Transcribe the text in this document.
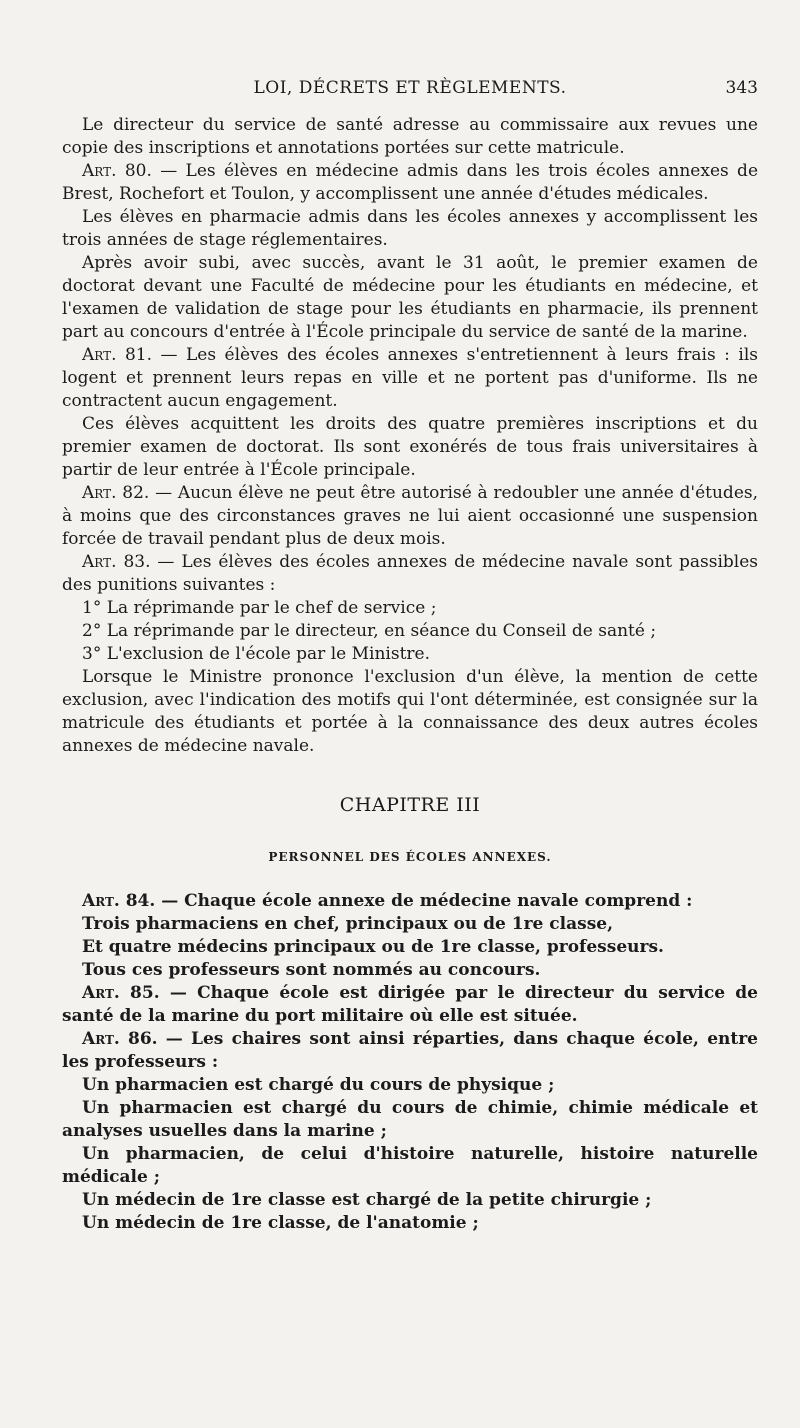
LOI, DÉCRETS ET RÈGLEMENTS.	343

Le directeur du service de santé adresse au commissaire aux revues une copie des inscriptions et annotations portées sur cette matricule.

Art. 80. — Les élèves en médecine admis dans les trois écoles annexes de Brest, Rochefort et Toulon, y accomplissent une année d'études médicales.

Les élèves en pharmacie admis dans les écoles annexes y accomplissent les trois années de stage réglementaires.

Après avoir subi, avec succès, avant le 31 août, le premier examen de doctorat devant une Faculté de médecine pour les étudiants en médecine, et l'examen de validation de stage pour les étudiants en pharmacie, ils prennent part au concours d'entrée à l'École principale du service de santé de la marine.

Art. 81. — Les élèves des écoles annexes s'entretiennent à leurs frais : ils logent et prennent leurs repas en ville et ne portent pas d'uniforme. Ils ne contractent aucun engagement.

Ces élèves acquittent les droits des quatre premières inscriptions et du premier examen de doctorat. Ils sont exonérés de tous frais universitaires à partir de leur entrée à l'École principale.

Art. 82. — Aucun élève ne peut être autorisé à redoubler une année d'études, à moins que des circonstances graves ne lui aient occasionné une suspension forcée de travail pendant plus de deux mois.

Art. 83. — Les élèves des écoles annexes de médecine navale sont passibles des punitions suivantes :

1° La réprimande par le chef de service ;

2° La réprimande par le directeur, en séance du Conseil de santé ;

3° L'exclusion de l'école par le Ministre.

Lorsque le Ministre prononce l'exclusion d'un élève, la mention de cette exclusion, avec l'indication des motifs qui l'ont déterminée, est consignée sur la matricule des étudiants et portée à la connaissance des deux autres écoles annexes de médecine navale.

CHAPITRE III
PERSONNEL DES ÉCOLES ANNEXES.

Art. 84. — Chaque école annexe de médecine navale comprend :

Trois pharmaciens en chef, principaux ou de 1re classe,

Et quatre médecins principaux ou de 1re classe, professeurs.

Tous ces professeurs sont nommés au concours.

Art. 85. — Chaque école est dirigée par le directeur du service de santé de la marine du port militaire où elle est située.

Art. 86. — Les chaires sont ainsi réparties, dans chaque école, entre les professeurs :

Un pharmacien est chargé du cours de physique ;

Un pharmacien est chargé du cours de chimie, chimie médicale et analyses usuelles dans la marine ;

Un pharmacien, de celui d'histoire naturelle, histoire naturelle médicale ;

Un médecin de 1re classe est chargé de la petite chirurgie ;

Un médecin de 1re classe, de l'anatomie ;
